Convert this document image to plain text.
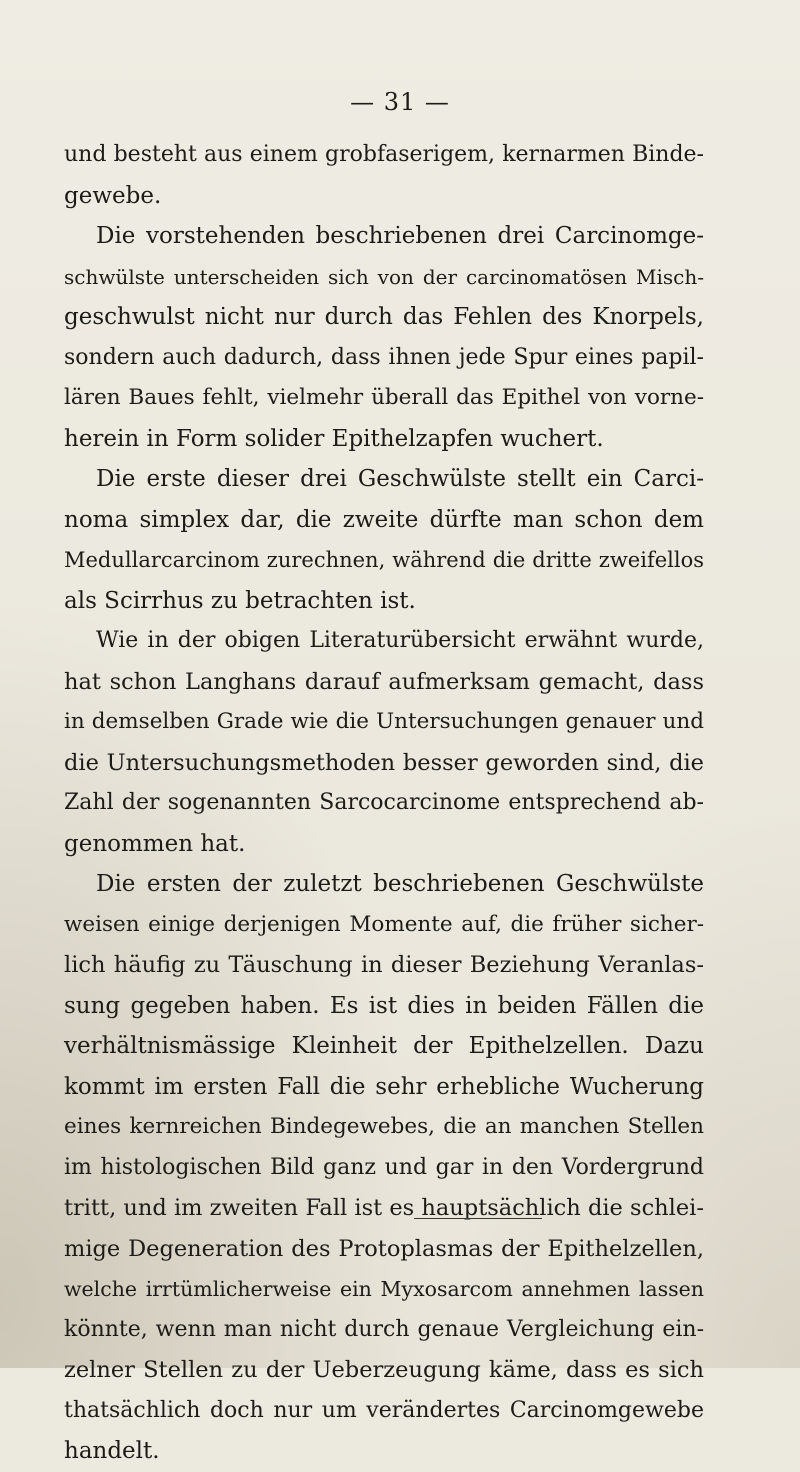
— 31 —
und besteht aus einem grobfaserigem, kernarmen Binde-
gewebe.
Die vorstehenden beschriebenen drei Carcinomge-
schwülste unterscheiden sich von der carcinomatösen Misch-
geschwulst nicht nur durch das Fehlen des Knorpels,
sondern auch dadurch, dass ihnen jede Spur eines papil-
lären Baues fehlt, vielmehr überall das Epithel von vorne-
herein in Form solider Epithelzapfen wuchert.
Die erste dieser drei Geschwülste stellt ein Carci-
noma simplex dar, die zweite dürfte man schon dem
Medullarcarcinom zurechnen, während die dritte zweifellos
als Scirrhus zu betrachten ist.
Wie in der obigen Literaturübersicht erwähnt wurde,
hat schon Langhans darauf aufmerksam gemacht, dass
in demselben Grade wie die Untersuchungen genauer und
die Untersuchungsmethoden besser geworden sind, die
Zahl der sogenannten Sarcocarcinome entsprechend ab-
genommen hat.
Die ersten der zuletzt beschriebenen Geschwülste
weisen einige derjenigen Momente auf, die früher sicher-
lich häufig zu Täuschung in dieser Beziehung Veranlas-
sung gegeben haben. Es ist dies in beiden Fällen die
verhältnismässige Kleinheit der Epithelzellen. Dazu
kommt im ersten Fall die sehr erhebliche Wucherung
eines kernreichen Bindegewebes, die an manchen Stellen
im histologischen Bild ganz und gar in den Vordergrund
tritt, und im zweiten Fall ist es hauptsächlich die schlei-
mige Degeneration des Protoplasmas der Epithelzellen,
welche irrtümlicherweise ein Myxosarcom annehmen lassen
könnte, wenn man nicht durch genaue Vergleichung ein-
zelner Stellen zu der Ueberzeugung käme, dass es sich
thatsächlich doch nur um verändertes Carcinomgewebe
handelt.
